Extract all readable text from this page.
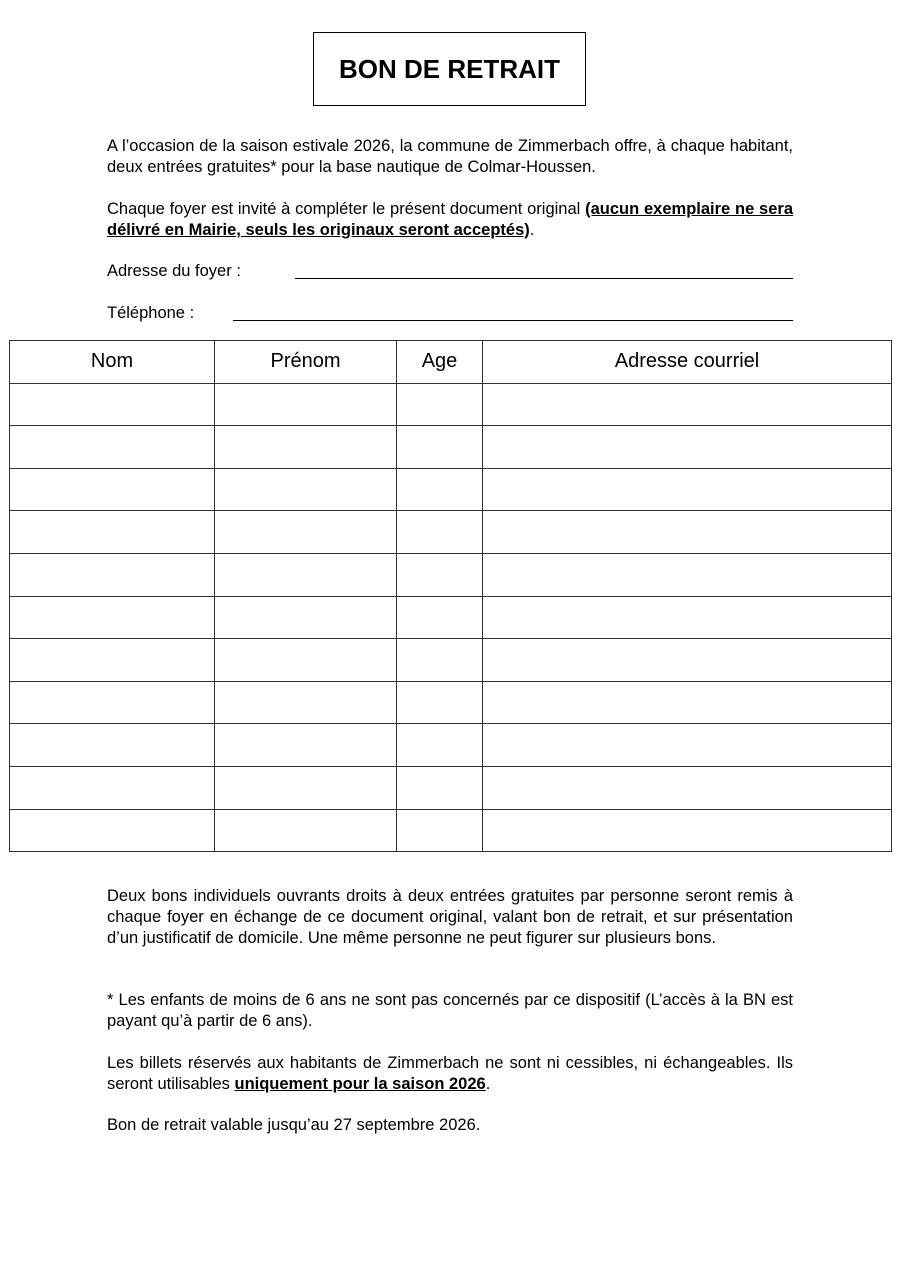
BON DE RETRAIT

A l’occasion de la saison estivale 2026, la commune de Zimmerbach offre, à chaque habitant, deux entrées gratuites* pour la base nautique de Colmar-Houssen.

Chaque foyer est invité à compléter le présent document original (aucun exemplaire ne sera délivré en Mairie, seuls les originaux seront acceptés).

Adresse du foyer :
Téléphone :
Nom	Prénom	Age	Adresse courriel

Deux bons individuels ouvrants droits à deux entrées gratuites par personne seront remis à chaque foyer en échange de ce document original, valant bon de retrait, et sur présentation d’un justificatif de domicile. Une même personne ne peut figurer sur plusieurs bons.

* Les enfants de moins de 6 ans ne sont pas concernés par ce dispositif (L’accès à la BN est payant qu’à partir de 6 ans).

Les billets réservés aux habitants de Zimmerbach ne sont ni cessibles, ni échangeables. Ils seront utilisables uniquement pour la saison 2026.

Bon de retrait valable jusqu’au 27 septembre 2026.
